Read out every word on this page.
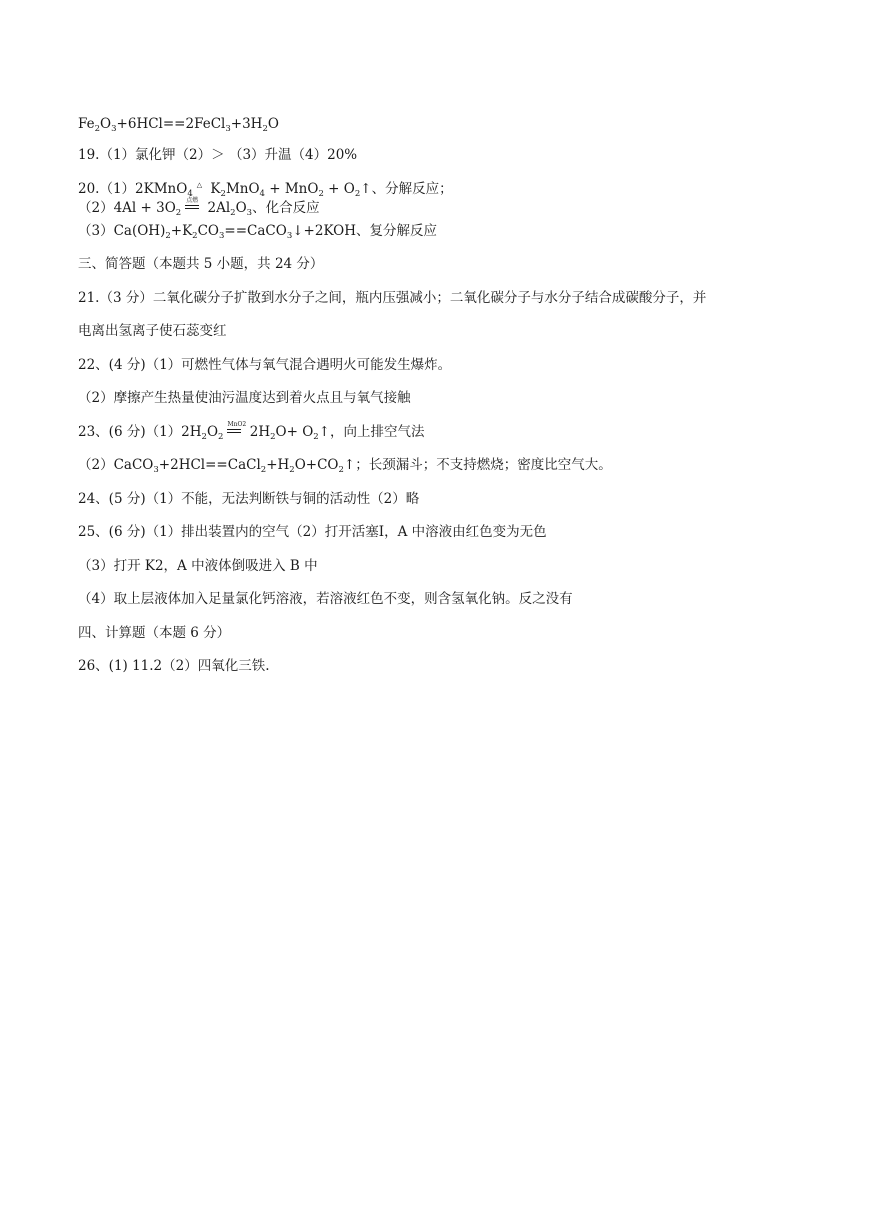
$Fe_2O_3+6HCl==2FeCl_3+3H_2O$
19.（1）氯化钾（2）＞ （3）升温（4）20%
20.（1）2KMnO$_4$△ $K_2MnO_4 + MnO_2$ + $O_2↑$、分解反应；
$(2)4Al + 3O_2$
点燃 $2Al_2O_3$、化合反应
$(3)Ca(OH)_2+K_2CO_3==CaCO_3↓+2KOH$、复分解反应
三、简答题（本题共 5 小题，共 24 分）
21.（3 分）二氧化碳分子扩散到水分子之间，瓶内压强减小；二氧化碳分子与水分子结合成碳酸分子，并
电离出氢离子使石蕊变红
22、(4 分)（1）可燃性气体与氧气混合遇明火可能发生爆炸。
（2）摩擦产生热量使油污温度达到着火点且与氧气接触
23、(6 分)$(1)2H_2O_2$
MnO2 $2H_2O+$ $O_2↑$，向上排空气法
$(2)CaCO_3+2HCl==CaCl_2+H_2O+CO_2↑$；长颈漏斗；不支持燃烧；密度比空气大。
24、(5 分)（1）不能，无法判断铁与铜的活动性（2）略
25、(6 分)（1）排出装置内的空气（2）打开活塞Ⅰ，A 中溶液由红色变为无色
（3）打开 K2，A 中液体倒吸进入 B 中
（4）取上层液体加入足量氯化钙溶液，若溶液红色不变，则含氢氧化钠。反之没有
四、计算题（本题 6 分）
26、(1) 11.2（2）四氧化三铁.
